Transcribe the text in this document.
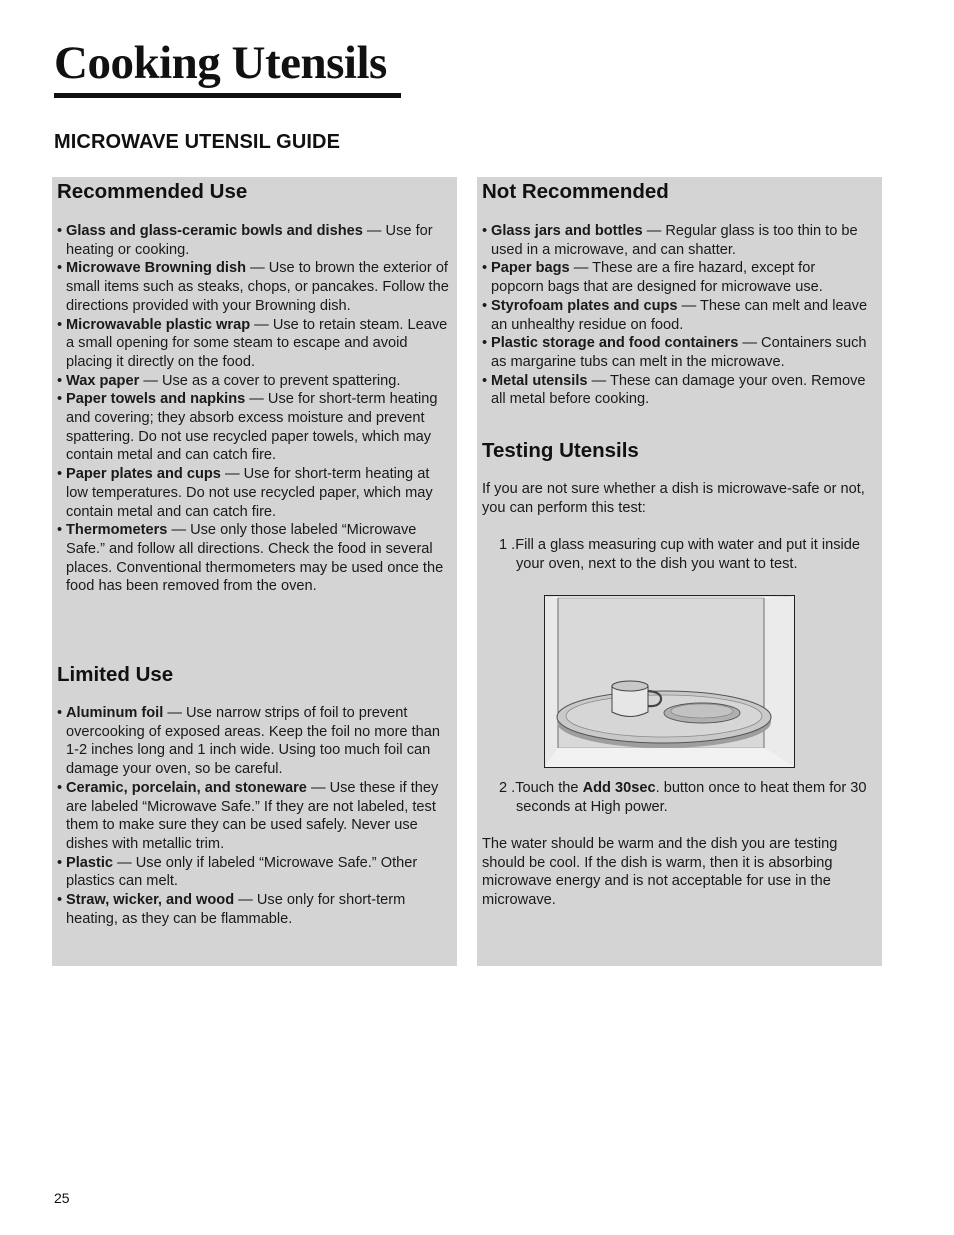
Cooking Utensils
MICROWAVE UTENSIL GUIDE
Recommended Use
• Glass and glass-ceramic bowls and dishes — Use for heating or cooking.
• Microwave Browning dish — Use to brown the exterior of small items such as steaks, chops, or pancakes. Follow the directions provided with your Browning dish.
• Microwavable plastic wrap — Use to retain steam. Leave a small opening for some steam to escape and avoid placing it directly on the food.
• Wax paper — Use as a cover to prevent spattering.
• Paper towels and napkins — Use for short-term heating and covering; they absorb excess moisture and prevent spattering. Do not use recycled paper towels, which may contain metal and can catch fire.
• Paper plates and cups — Use for short-term heating at low temperatures. Do not use recycled paper, which may contain metal and can catch fire.
• Thermometers — Use only those labeled “Microwave Safe.” and follow all directions. Check the food in several places. Conventional thermometers may be used once the food has been removed from the oven.
Limited Use
• Aluminum foil — Use narrow strips of foil to prevent overcooking of exposed areas. Keep the foil no more than 1-2 inches long and 1 inch wide. Using too much foil can damage your oven, so be careful.
• Ceramic, porcelain, and stoneware — Use these if they are labeled “Microwave Safe.” If they are not labeled, test them to make sure they can be used safely. Never use dishes with metallic trim.
• Plastic — Use only if labeled “Microwave Safe.” Other plastics can melt.
• Straw, wicker, and wood — Use only for short-term heating, as they can be flammable.
Not Recommended
• Glass jars and bottles — Regular glass is too thin to be used in a microwave, and can shatter.
• Paper bags — These are a fire hazard, except for popcorn bags that are designed for microwave use.
• Styrofoam plates and cups — These can melt and leave an unhealthy residue on food.
• Plastic storage and food containers — Containers such as margarine tubs can melt in the microwave.
• Metal utensils — These can damage your oven. Remove all metal before cooking.
Testing Utensils

If you are not sure whether a dish is microwave-safe or not, you can perform this test:

1 .Fill a glass measuring cup with water and put it inside your oven, next to the dish you want to test.

2 .Touch the Add 30sec. button once to heat them for 30 seconds at High power.

The water should be warm and the dish you are testing should be cool. If the dish is warm, then it is absorbing microwave energy and is not acceptable for use in the microwave.

25
